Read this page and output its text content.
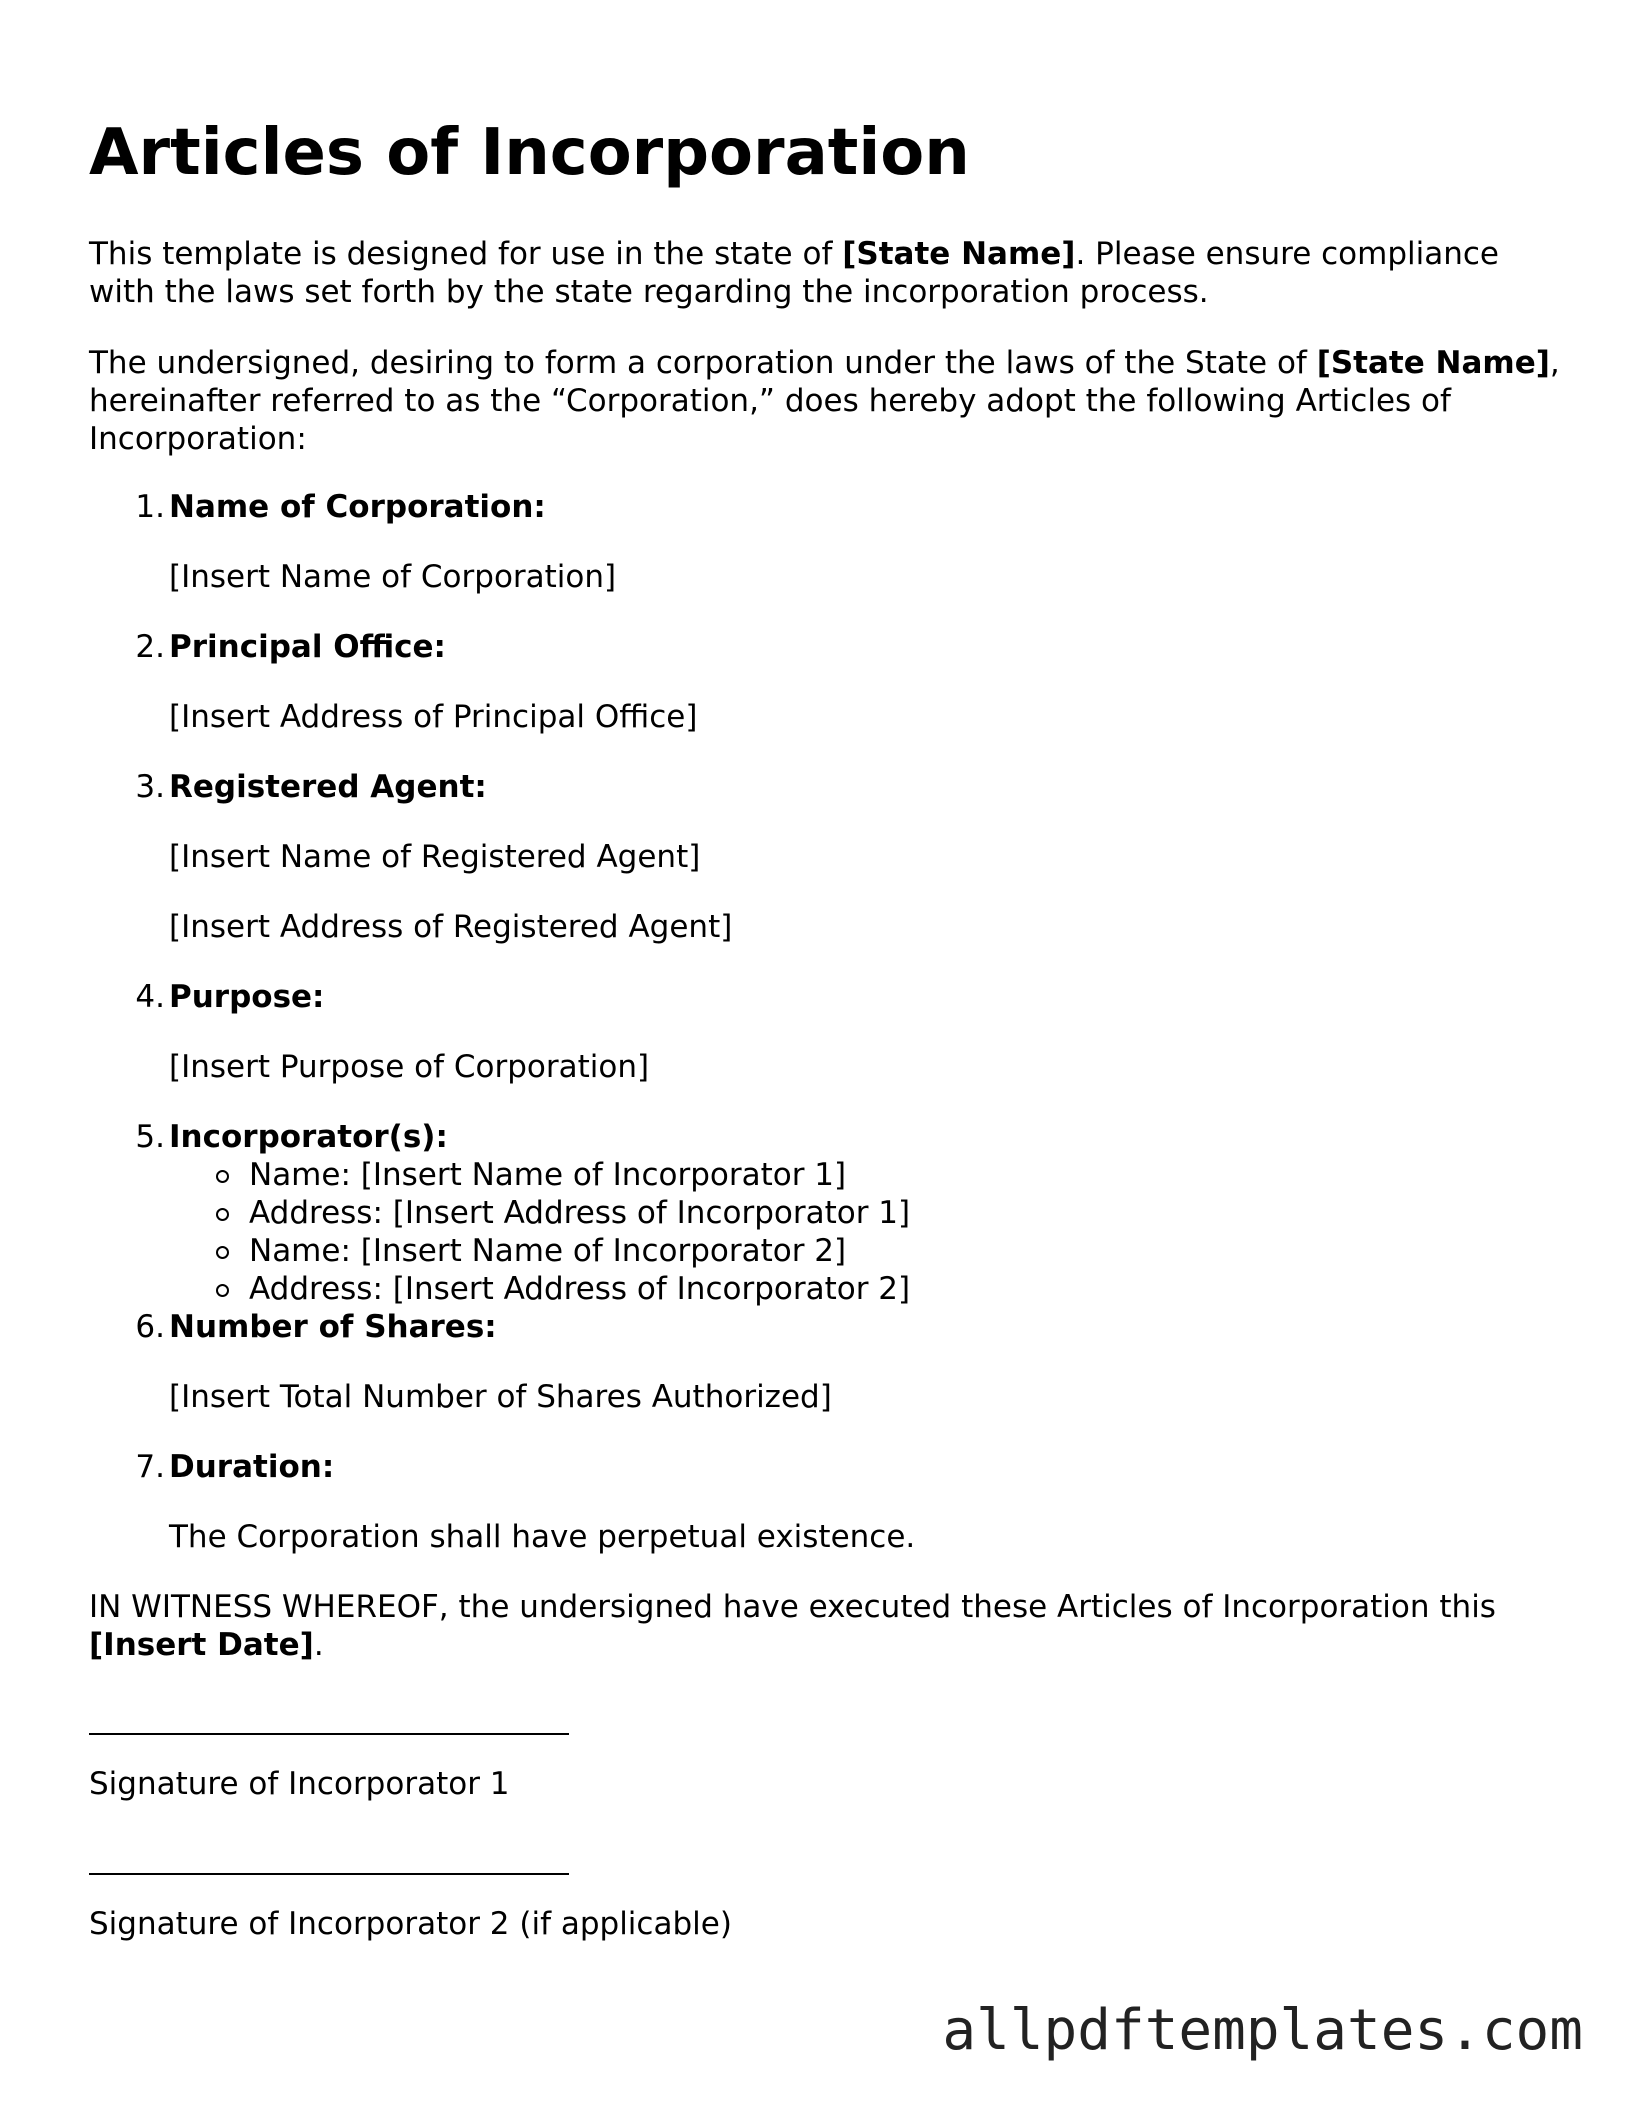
Articles of Incorporation

This template is designed for use in the state of [State Name]. Please ensure compliance with the laws set forth by the state regarding the incorporation process.

The undersigned, desiring to form a corporation under the laws of the State of [State Name], hereinafter referred to as the “Corporation,” does hereby adopt the following Articles of Incorporation:

1. Name of Corporation:
[Insert Name of Corporation]
2. Principal Office:
[Insert Address of Principal Office]
3. Registered Agent:
[Insert Name of Registered Agent]
[Insert Address of Registered Agent]
4. Purpose:
[Insert Purpose of Corporation]
5. Incorporator(s):
Name: [Insert Name of Incorporator 1]
Address: [Insert Address of Incorporator 1]
Name: [Insert Name of Incorporator 2]
Address: [Insert Address of Incorporator 2]
6. Number of Shares:
[Insert Total Number of Shares Authorized]
7. Duration:
The Corporation shall have perpetual existence.

IN WITNESS WHEREOF, the undersigned have executed these Articles of Incorporation this [Insert Date].

Signature of Incorporator 1
Signature of Incorporator 2 (if applicable)
allpdftemplates.com
